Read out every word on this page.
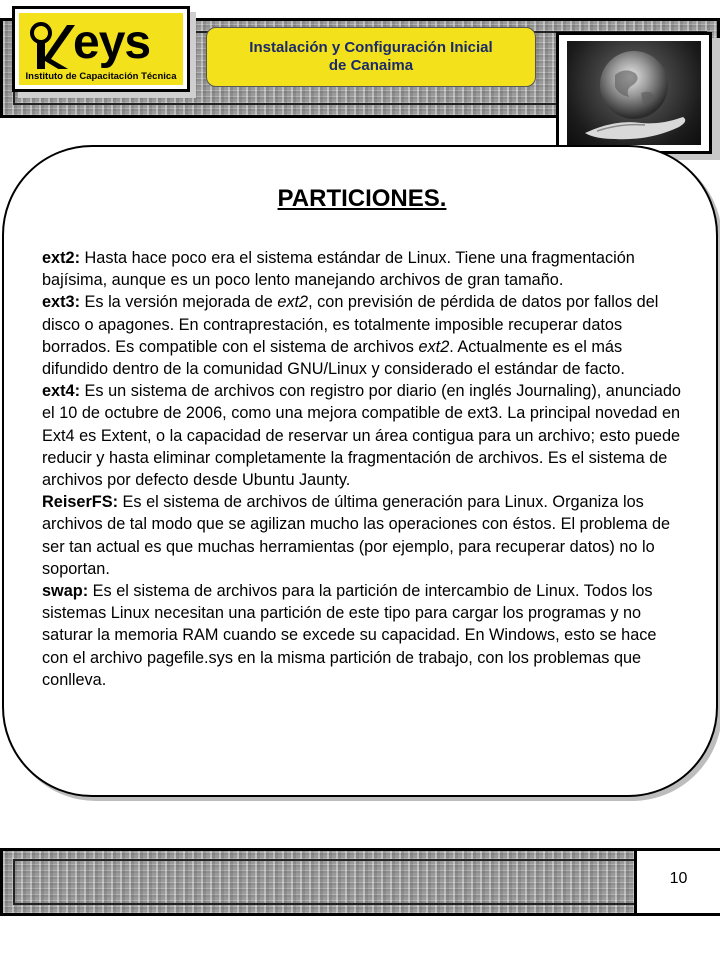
eys
Instituto de Capacitación Técnica
Instalación y Configuración Inicial
de Canaima
PARTICIONES.

ext2: Hasta hace poco era el sistema estándar de Linux. Tiene una fragmentación bajísima, aunque es un poco lento manejando archivos de gran tamaño.

ext3: Es la versión mejorada de ext2, con previsión de pérdida de datos por fallos del disco o apagones. En contraprestación, es totalmente imposible recuperar datos borrados. Es compatible con el sistema de archivos ext2. Actualmente es el más difundido dentro de la comunidad GNU/Linux y considerado el estándar de facto.

ext4: Es un sistema de archivos con registro por diario (en inglés Journaling), anunciado el 10 de octubre de 2006, como una mejora compatible de ext3. La principal novedad en Ext4 es Extent, o la capacidad de reservar un área contigua para un archivo; esto puede reducir y hasta eliminar completamente la fragmentación de archivos. Es el sistema de archivos por defecto desde Ubuntu Jaunty.

ReiserFS: Es el sistema de archivos de última generación para Linux. Organiza los archivos de tal modo que se agilizan mucho las operaciones con éstos. El problema de ser tan actual es que muchas herramientas (por ejemplo, para recuperar datos) no lo soportan.

swap: Es el sistema de archivos para la partición de intercambio de Linux. Todos los sistemas Linux necesitan una partición de este tipo para cargar los programas y no saturar la memoria RAM cuando se excede su capacidad. En Windows, esto se hace con el archivo pagefile.sys en la misma partición de trabajo, con los problemas que conlleva.

10
